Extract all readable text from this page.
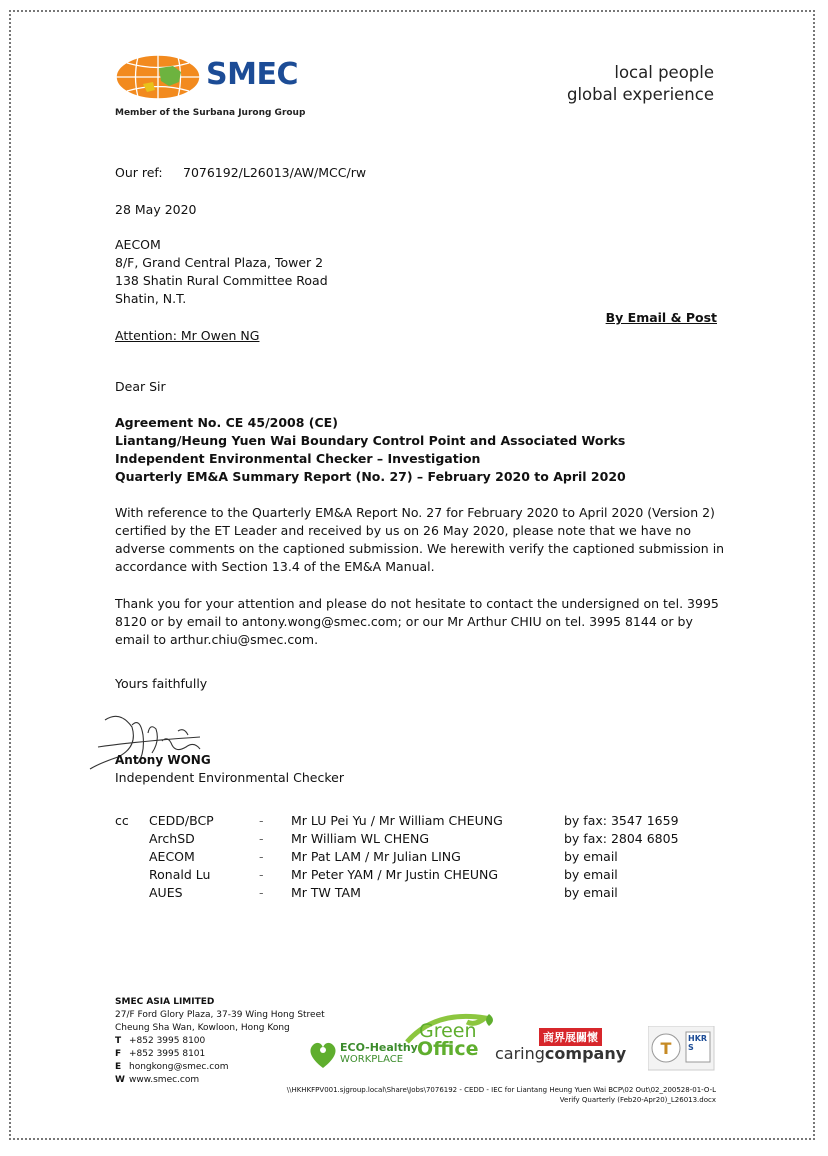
SMEC
Member of the Surbana Jurong Group
local people
global experience
Our ref: 7076192/L26013/AW/MCC/rw
28 May 2020
AECOM
8/F, Grand Central Plaza, Tower 2
138 Shatin Rural Committee Road
Shatin, N.T.
By Email & Post
Attention: Mr Owen NG
Dear Sir
Agreement No. CE 45/2008 (CE)
Liantang/Heung Yuen Wai Boundary Control Point and Associated Works
Independent Environmental Checker – Investigation
Quarterly EM&A Summary Report (No. 27) – February 2020 to April 2020
With reference to the Quarterly EM&A Report No. 27 for February 2020 to April 2020 (Version 2) certified by the ET Leader and received by us on 26 May 2020, please note that we have no adverse comments on the captioned submission. We herewith verify the captioned submission in accordance with Section 13.4 of the EM&A Manual.
Thank you for your attention and please do not hesitate to contact the undersigned on tel. 3995 8120 or by email to antony.wong@smec.com; or our Mr Arthur CHIU on tel. 3995 8144 or by email to arthur.chiu@smec.com.
Yours faithfully
Antony WONG
Independent Environmental Checker
cc	CEDD/BCP	-	Mr LU Pei Yu / Mr William CHEUNG	by fax: 3547 1659
	ArchSD	-	Mr William WL CHENG	by fax: 2804 6805
	AECOM	-	Mr Pat LAM / Mr Julian LING	by email
	Ronald Lu	-	Mr Peter YAM / Mr Justin CHEUNG	by email
	AUES	-	Mr TW TAM	by email
SMEC ASIA LIMITED
27/F Ford Glory Plaza, 37-39 Wing Hong Street
Cheung Sha Wan, Kowloon, Hong Kong
T +852 3995 8100
F +852 3995 8101
E hongkong@smec.com
W www.smec.com
ECO-Healthy
WORKPLACE
Green
Office
商界展關懷
caringcompany T
HKRS
\\HKHKFPV001.sjgroup.local\Share\Jobs\7076192 - CEDD - IEC for Liantang Heung Yuen Wai BCP\02 Out\02_200528-01-O-L
Verify Quarterly (Feb20-Apr20)_L26013.docx
